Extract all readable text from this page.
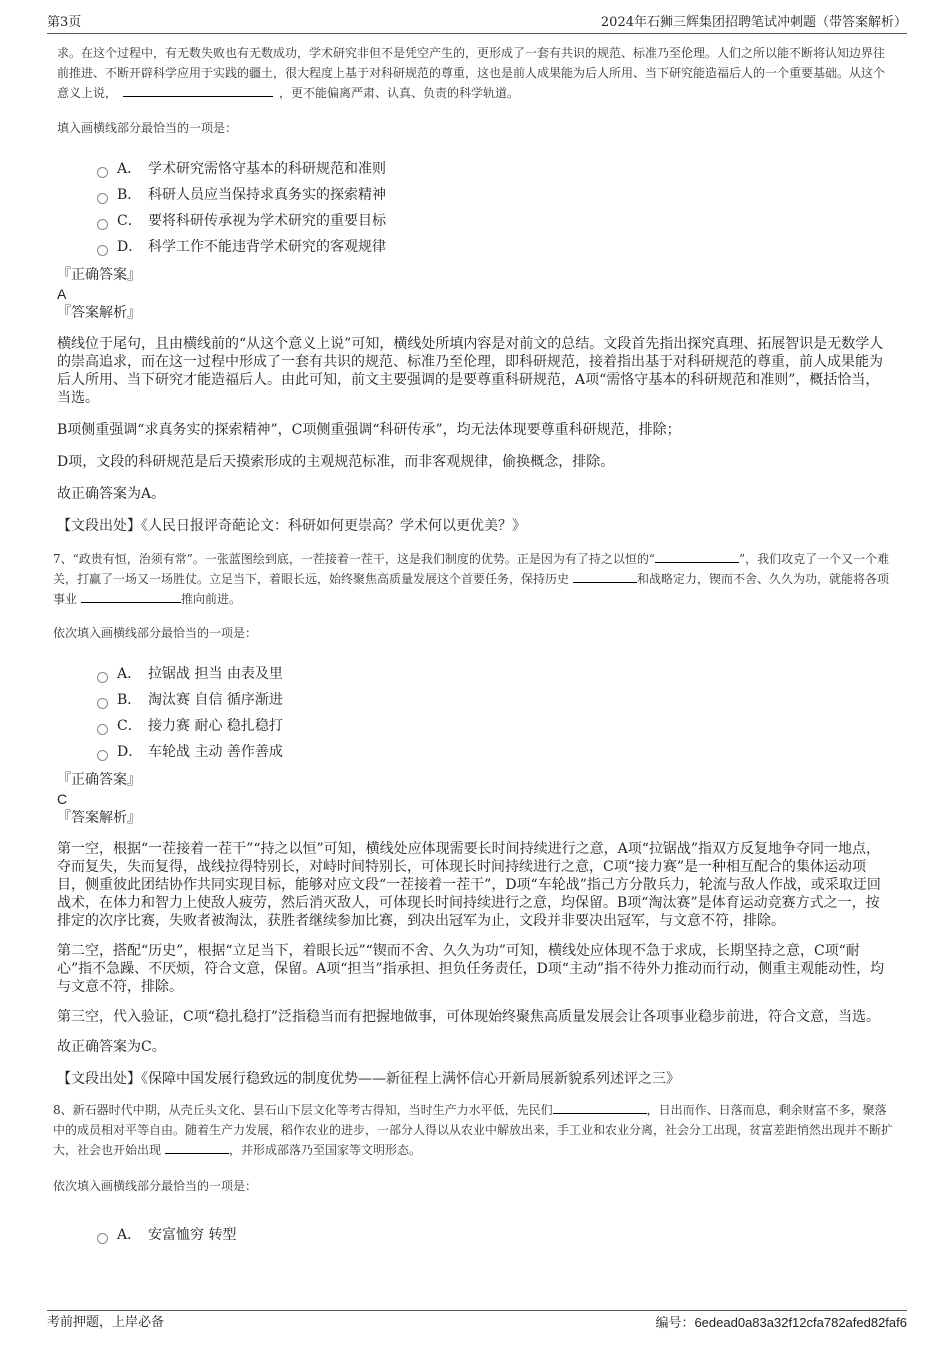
第3页	2024年石狮三辉集团招聘笔试冲刺题（带答案解析）

求。在这个过程中，有无数失败也有无数成功，学术研究非但不是凭空产生的，更形成了一套有共识的规范、标准乃至伦理。人们之所以能不断将认知边界往前推进、不断开辟科学应用于实践的疆土，很大程度上基于对科研规范的尊重，这也是前人成果能为后人所用、当下研究能造福后人的一个重要基础。从这个意义上说，	，更不能偏离严肃、认真、负责的科学轨道。

填入画横线部分最恰当的一项是：

A． 学术研究需恪守基本的科研规范和准则
B． 科研人员应当保持求真务实的探索精神
C． 要将科研传承视为学术研究的重要目标
D． 科学工作不能违背学术研究的客观规律

『正确答案』

A

『答案解析』

横线位于尾句，且由横线前的“从这个意义上说”可知，横线处所填内容是对前文的总结。文段首先指出探究真理、拓展智识是无数学人的崇高追求，而在这一过程中形成了一套有共识的规范、标准乃至伦理，即科研规范，接着指出基于对科研规范的尊重，前人成果能为后人所用、当下研究才能造福后人。由此可知，前文主要强调的是要尊重科研规范，A项“需恪守基本的科研规范和准则”，概括恰当，当选。

B项侧重强调“求真务实的探索精神”，C项侧重强调“科研传承”，均无法体现要尊重科研规范，排除；

D项，文段的科研规范是后天摸索形成的主观规范标准，而非客观规律，偷换概念，排除。

故正确答案为A。

【文段出处】《人民日报评奇葩论文：科研如何更崇高？学术何以更优美？》

7、“政贵有恒，治须有常”。一张蓝图绘到底，一茬接着一茬干，这是我们制度的优势。正是因为有了持之以恒的“	”，我们攻克了一个又一个难关，打赢了一场又一场胜仗。立足当下，着眼长远，始终聚焦高质量发展这个首要任务，保持历史	和战略定力，锲而不舍、久久为功，就能将各项事业	推向前进。

依次填入画横线部分最恰当的一项是：

A． 拉锯战 担当 由表及里
B． 淘汰赛 自信 循序渐进
C． 接力赛 耐心 稳扎稳打
D． 车轮战 主动 善作善成

『正确答案』

C

『答案解析』

第一空，根据“一茬接着一茬干”“持之以恒”可知，横线处应体现需要长时间持续进行之意，A项“拉锯战”指双方反复地争夺同一地点，夺而复失，失而复得，战线拉得特别长，对峙时间特别长，可体现长时间持续进行之意，C项“接力赛”是一种相互配合的集体运动项目，侧重彼此团结协作共同实现目标，能够对应文段“一茬接着一茬干”，D项“车轮战”指己方分散兵力，轮流与敌人作战，或采取迂回战术，在体力和智力上使敌人疲劳，然后消灭敌人，可体现长时间持续进行之意，均保留。B项“淘汰赛”是体育运动竞赛方式之一，按排定的次序比赛，失败者被淘汰，获胜者继续参加比赛，到决出冠军为止，文段并非要决出冠军，与文意不符，排除。

第二空，搭配“历史”，根据“立足当下，着眼长远”“锲而不舍、久久为功”可知，横线处应体现不急于求成，长期坚持之意，C项“耐心”指不急躁、不厌烦，符合文意，保留。A项“担当”指承担、担负任务责任，D项“主动”指不待外力推动而行动，侧重主观能动性，均与文意不符，排除。

第三空，代入验证，C项“稳扎稳打”泛指稳当而有把握地做事，可体现始终聚焦高质量发展会让各项事业稳步前进，符合文意，当选。

故正确答案为C。

【文段出处】《保障中国发展行稳致远的制度优势——新征程上满怀信心开新局展新貌系列述评之三》

8、新石器时代中期，从壳丘头文化、昙石山下层文化等考古得知，当时生产力水平低，先民们	，日出而作、日落而息，剩余财富不多，聚落中的成员相对平等自由。随着生产力发展，稻作农业的进步，一部分人得以从农业中解放出来，手工业和农业分离，社会分工出现，贫富差距悄然出现并不断扩大，社会也开始出现	，并形成部落乃至国家等文明形态。

依次填入画横线部分最恰当的一项是：

A． 安富恤穷 转型
考前押题，上岸必备	编号：6edead0a83a32f12cfa782afed82faf6
